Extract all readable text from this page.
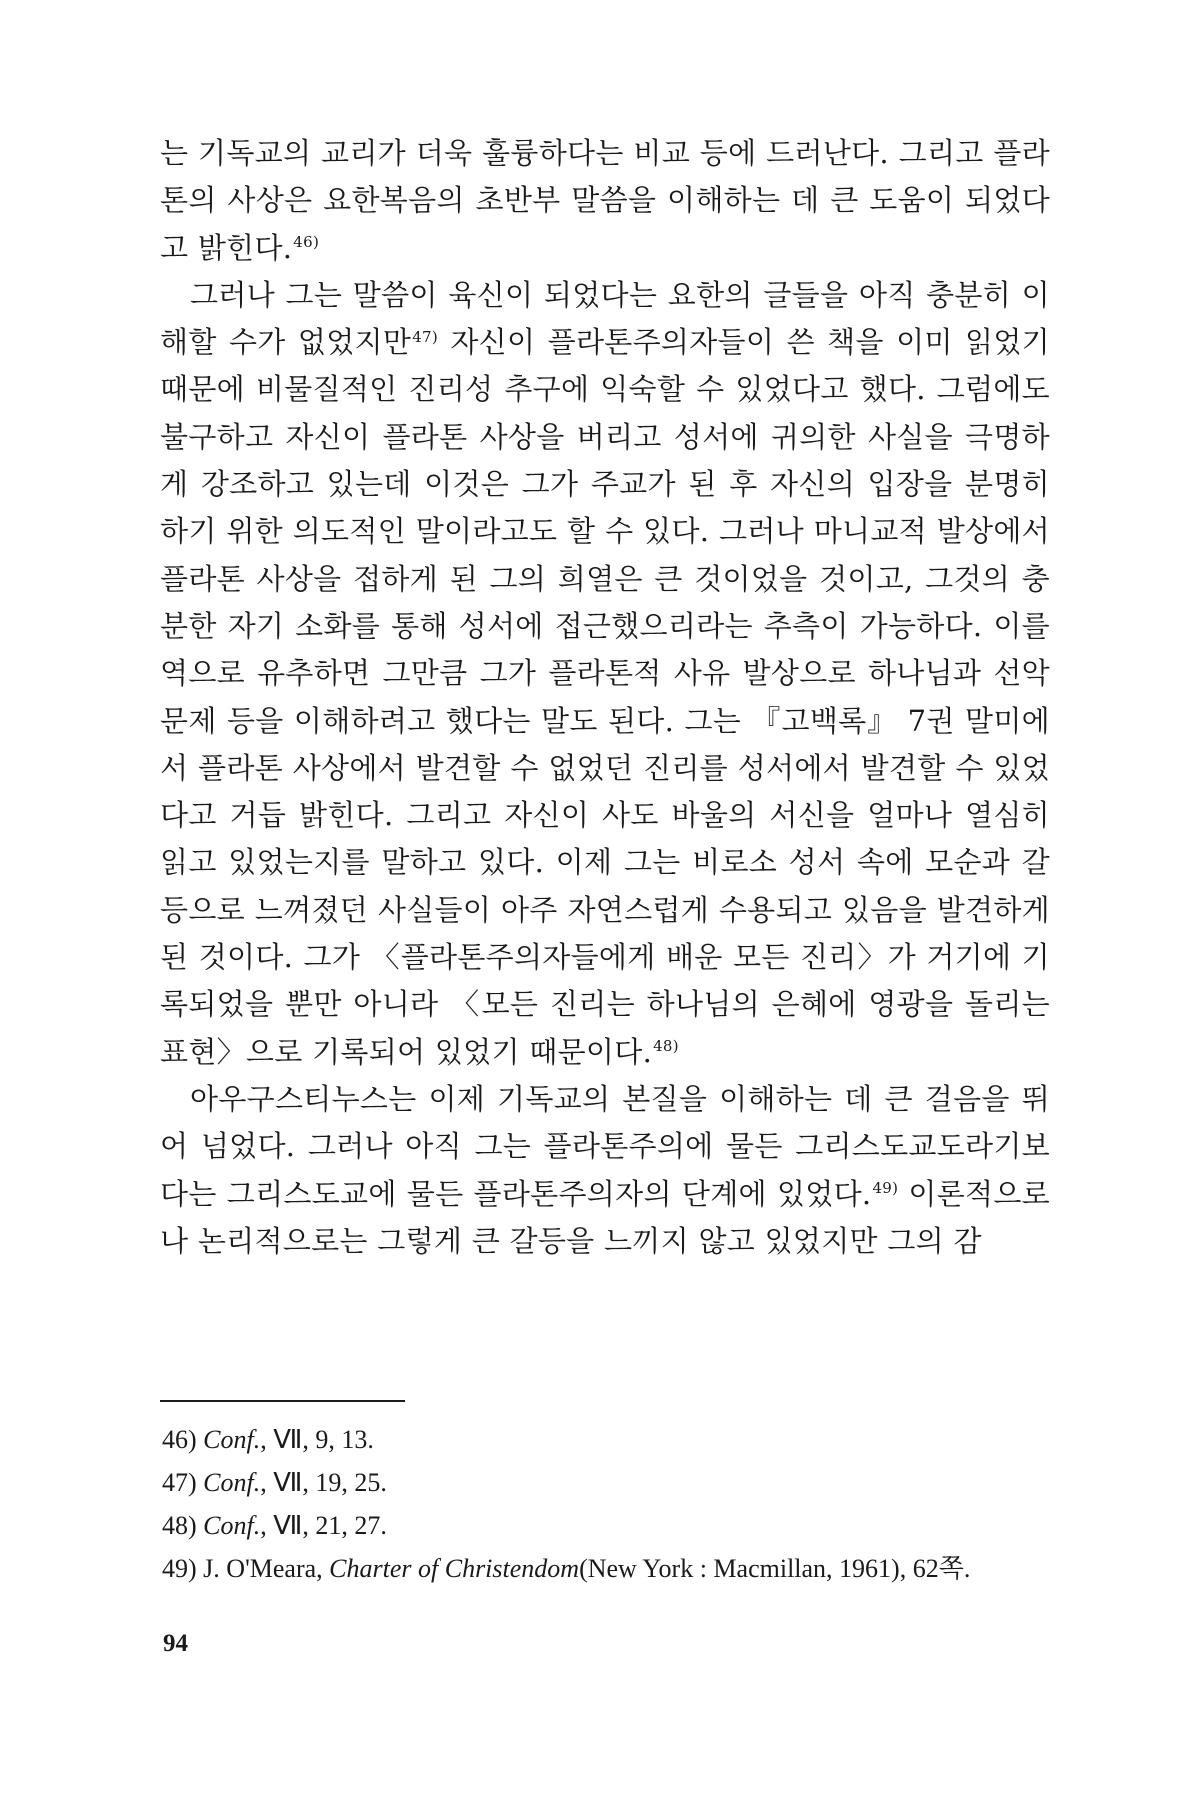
는 기독교의 교리가 더욱 훌륭하다는 비교 등에 드러난다. 그리고 플라톤의 사상은 요한복음의 초반부 말씀을 이해하는 데 큰 도움이 되었다고 밝힌다.$^{46)}$

그러나 그는 말씀이 육신이 되었다는 요한의 글들을 아직 충분히 이해할 수가 없었지만$^{47)}$ 자신이 플라톤주의자들이 쓴 책을 이미 읽었기 때문에 비물질적인 진리성 추구에 익숙할 수 있었다고 했다. 그럼에도 불구하고 자신이 플라톤 사상을 버리고 성서에 귀의한 사실을 극명하게 강조하고 있는데 이것은 그가 주교가 된 후 자신의 입장을 분명히 하기 위한 의도적인 말이라고도 할 수 있다. 그러나 마니교적 발상에서 플라톤 사상을 접하게 된 그의 희열은 큰 것이었을 것이고, 그것의 충분한 자기 소화를 통해 성서에 접근했으리라는 추측이 가능하다. 이를 역으로 유추하면 그만큼 그가 플라톤적 사유 발상으로 하나님과 선악 문제 등을 이해하려고 했다는 말도 된다. 그는 『고백록』 7권 말미에서 플라톤 사상에서 발견할 수 없었던 진리를 성서에서 발견할 수 있었다고 거듭 밝힌다. 그리고 자신이 사도 바울의 서신을 얼마나 열심히 읽고 있었는지를 말하고 있다. 이제 그는 비로소 성서 속에 모순과 갈등으로 느껴졌던 사실들이 아주 자연스럽게 수용되고 있음을 발견하게 된 것이다. 그가 〈플라톤주의자들에게 배운 모든 진리〉가 거기에 기록되었을 뿐만 아니라 〈모든 진리는 하나님의 은혜에 영광을 돌리는 표현〉으로 기록되어 있었기 때문이다.$^{48)}$

아우구스티누스는 이제 기독교의 본질을 이해하는 데 큰 걸음을 뛰어 넘었다. 그러나 아직 그는 플라톤주의에 물든 그리스도교도라기보다는 그리스도교에 물든 플라톤주의자의 단계에 있었다.$^{49)}$ 이론적으로나 논리적으로는 그렇게 큰 갈등을 느끼지 않고 있었지만 그의 감

46) Conf., Ⅶ, 9, 13.
47) Conf., Ⅶ, 19, 25.
48) Conf., Ⅶ, 21, 27.
49) J. O'Meara, Charter of Christendom(New York : Macmillan, 1961), 62쪽.
94
